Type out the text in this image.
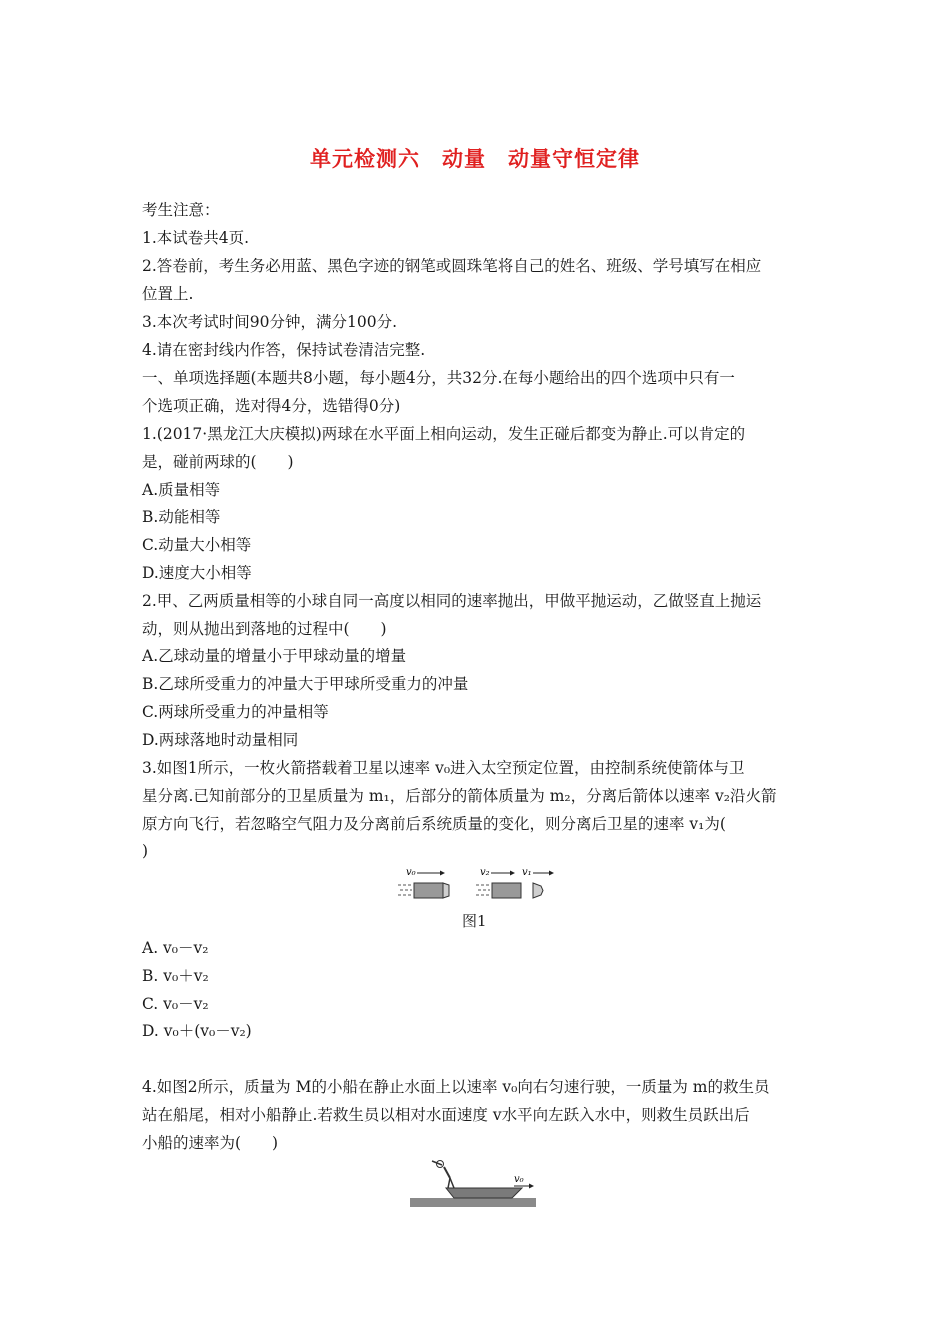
单元检测六　动量　动量守恒定律
考生注意：
1.本试卷共4页.
2.答卷前，考生务必用蓝、黑色字迹的钢笔或圆珠笔将自己的姓名、班级、学号填写在相应
位置上.
3.本次考试时间90分钟，满分100分.
4.请在密封线内作答，保持试卷清洁完整.
一、单项选择题(本题共8小题，每小题4分，共32分.在每小题给出的四个选项中只有一
个选项正确，选对得4分，选错得0分)
1.(2017·黑龙江大庆模拟)两球在水平面上相向运动，发生正碰后都变为静止.可以肯定的
是，碰前两球的(　　)
A.质量相等
B.动能相等
C.动量大小相等
D.速度大小相等
2.甲、乙两质量相等的小球自同一高度以相同的速率抛出，甲做平抛运动，乙做竖直上抛运
动，则从抛出到落地的过程中(　　)
A.乙球动量的增量小于甲球动量的增量
B.乙球所受重力的冲量大于甲球所受重力的冲量
C.两球所受重力的冲量相等
D.两球落地时动量相同
3.如图1所示，一枚火箭搭载着卫星以速率 v₀进入太空预定位置，由控制系统使箭体与卫
星分离.已知前部分的卫星质量为 m₁，后部分的箭体质量为 m₂，分离后箭体以速率 v₂沿火箭
原方向飞行，若忽略空气阻力及分离前后系统质量的变化，则分离后卫星的速率 v₁为(
)
v₀	v₂	v₁
图1
A. v₀－v₂
B. v₀＋v₂
C. v₀－v₂
D. v₀＋(v₀－v₂)
4.如图2所示，质量为 M的小船在静止水面上以速率 v₀向右匀速行驶，一质量为 m的救生员
站在船尾，相对小船静止.若救生员以相对水面速度 v水平向左跃入水中，则救生员跃出后
小船的速率为(　　)
v₀
